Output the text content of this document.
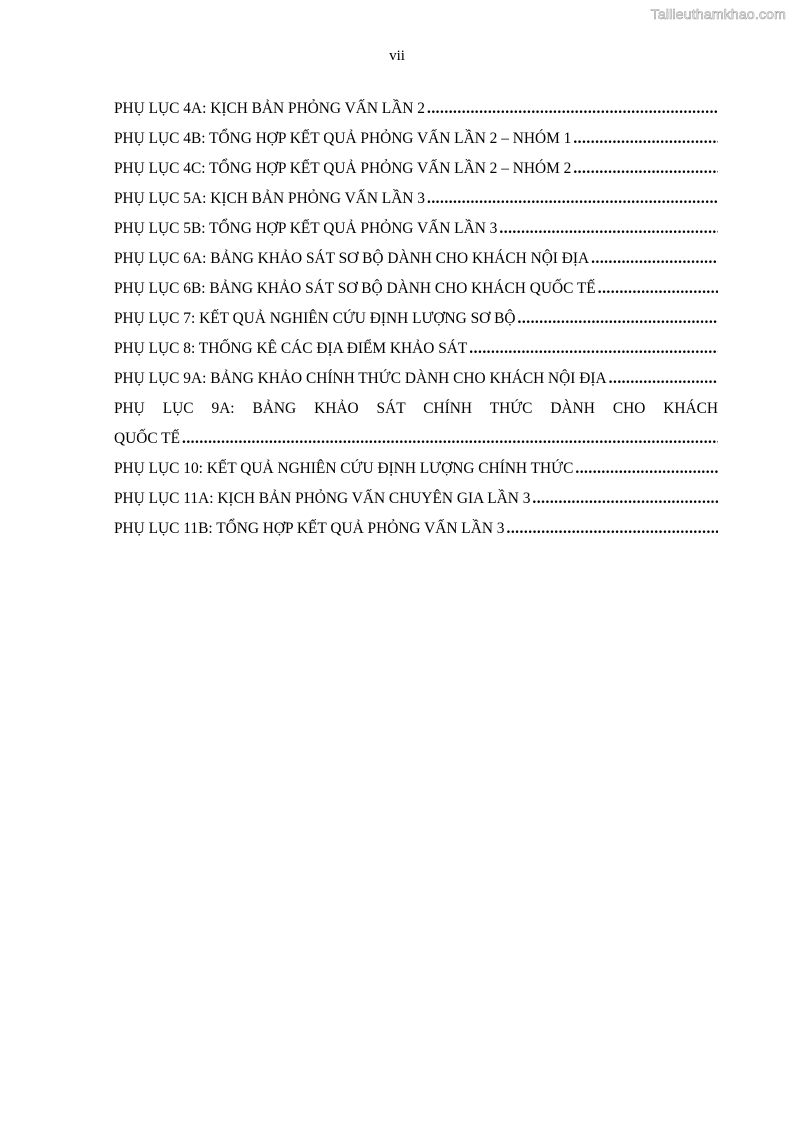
Tailieuthamkhao.com
vii
PHỤ LỤC 4A: KỊCH BẢN PHỎNG VẤN LẦN 2
.....
PHỤ LỤC 4B: TỔNG HỢP KẾT QUẢ PHỎNG VẤN LẦN 2 – NHÓM 1
.....
PHỤ LỤC 4C: TỔNG HỢP KẾT QUẢ PHỎNG VẤN LẦN 2 – NHÓM 2
.....
PHỤ LỤC 5A: KỊCH BẢN PHỎNG VẤN LẦN 3
.....
PHỤ LỤC 5B: TỔNG HỢP KẾT QUẢ PHỎNG VẤN LẦN 3
.....
PHỤ LỤC 6A: BẢNG KHẢO SÁT SƠ BỘ DÀNH CHO KHÁCH NỘI ĐỊA
.....
PHỤ LỤC 6B: BẢNG KHẢO SÁT SƠ BỘ DÀNH CHO KHÁCH QUỐC TẾ
.....
PHỤ LỤC 7: KẾT QUẢ NGHIÊN CỨU ĐỊNH LƯỢNG SƠ BỘ
.....
PHỤ LỤC 8: THỐNG KÊ CÁC ĐỊA ĐIỂM KHẢO SÁT
.....
PHỤ LỤC 9A: BẢNG KHẢO CHÍNH THỨC DÀNH CHO KHÁCH NỘI ĐỊA
.....
PHỤ LỤC 9A: BẢNG KHẢO SÁT CHÍNH THỨC DÀNH CHO KHÁCH
QUỐC TẾ
.....
PHỤ LỤC 10: KẾT QUẢ NGHIÊN CỨU ĐỊNH LƯỢNG CHÍNH THỨC
.....
PHỤ LỤC 11A: KỊCH BẢN PHỎNG VẤN CHUYÊN GIA LẦN 3
.....
PHỤ LỤC 11B: TỔNG HỢP KẾT QUẢ PHỎNG VẤN LẦN 3
.....
